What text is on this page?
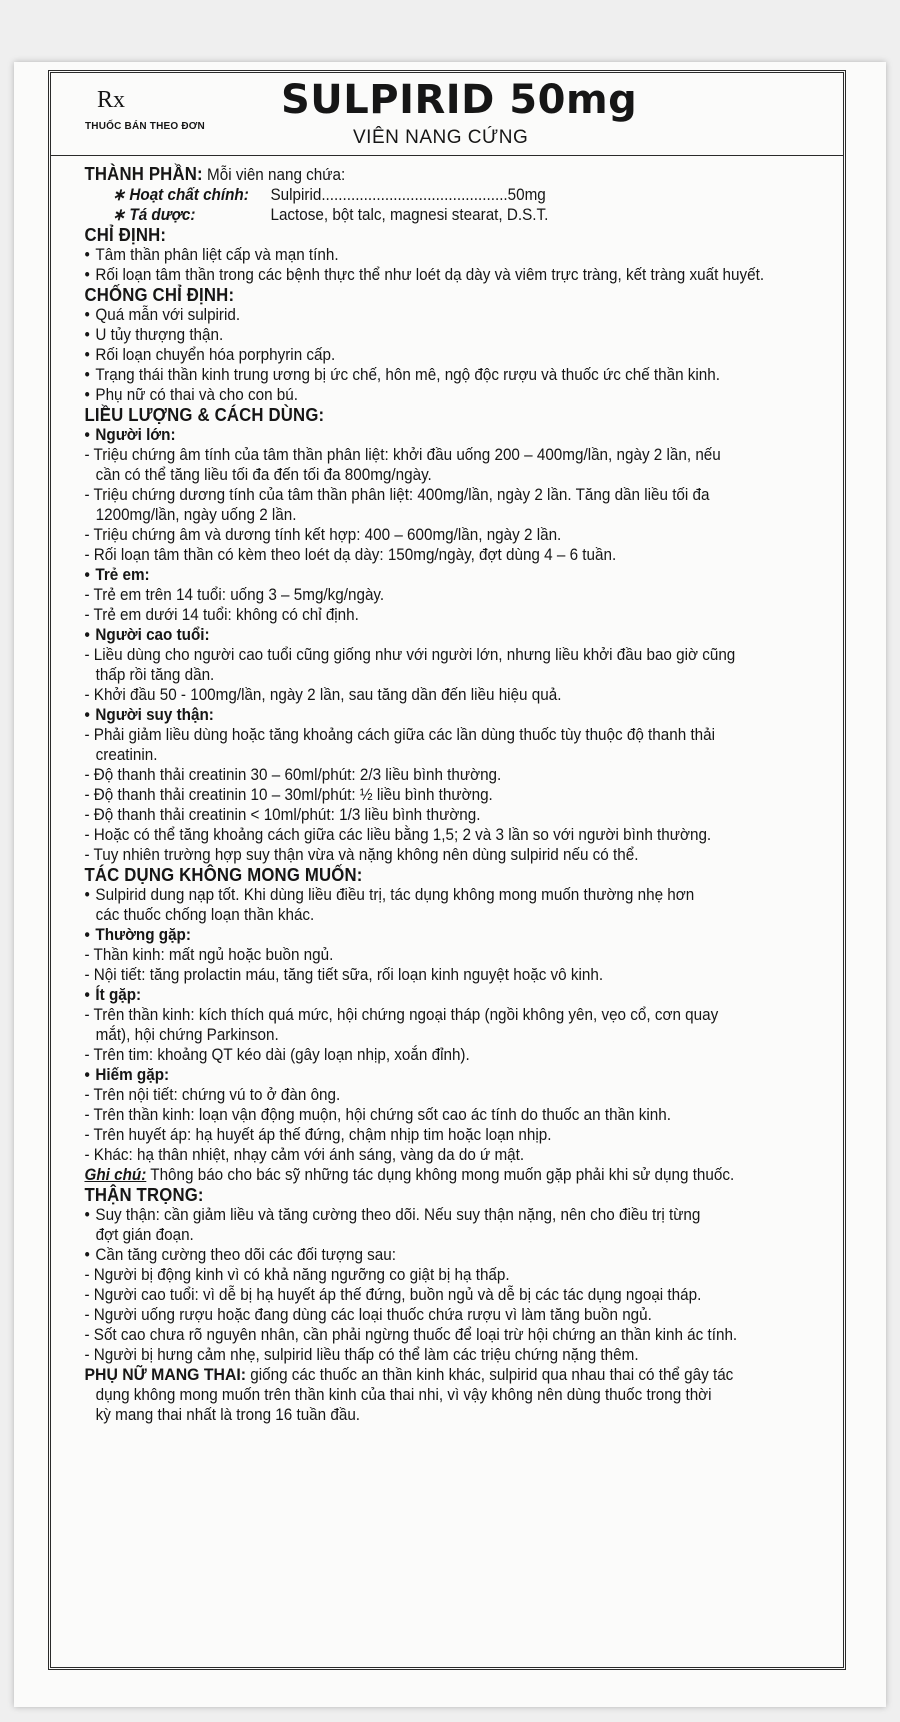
Rx
THUỐC BÁN THEO ĐƠN
SULPIRID 50mg
VIÊN NANG CỨNG
THÀNH PHẦN: Mỗi viên nang chứa:
∗ Hoạt chất chính:	Sulpirid............................................50mg
∗ Tá dược:	Lactose, bột talc, magnesi stearat, D.S.T.
CHỈ ĐỊNH:
• Tâm thần phân liệt cấp và mạn tính.
• Rối loạn tâm thần trong các bệnh thực thể như loét dạ dày và viêm trực tràng, kết tràng xuất huyết.
CHỐNG CHỈ ĐỊNH:
• Quá mẫn với sulpirid.
• U tủy thượng thận.
• Rối loạn chuyển hóa porphyrin cấp.
• Trạng thái thần kinh trung ương bị ức chế, hôn mê, ngộ độc rượu và thuốc ức chế thần kinh.
• Phụ nữ có thai và cho con bú.
LIỀU LƯỢNG & CÁCH DÙNG:
• Người lớn:
- Triệu chứng âm tính của tâm thần phân liệt: khởi đầu uống 200 – 400mg/lần, ngày 2 lần, nếu
cần có thể tăng liều tối đa đến tối đa 800mg/ngày.
- Triệu chứng dương tính của tâm thần phân liệt: 400mg/lần, ngày 2 lần. Tăng dần liều tối đa
1200mg/lần, ngày uống 2 lần.
- Triệu chứng âm và dương tính kết hợp: 400 – 600mg/lần, ngày 2 lần.
- Rối loạn tâm thần có kèm theo loét dạ dày: 150mg/ngày, đợt dùng 4 – 6 tuần.
• Trẻ em:
- Trẻ em trên 14 tuổi: uống 3 – 5mg/kg/ngày.
- Trẻ em dưới 14 tuổi: không có chỉ định.
• Người cao tuổi:
- Liều dùng cho người cao tuổi cũng giống như với người lớn, nhưng liều khởi đầu bao giờ cũng
thấp rồi tăng dần.
- Khởi đầu 50 - 100mg/lần, ngày 2 lần, sau tăng dần đến liều hiệu quả.
• Người suy thận:
- Phải giảm liều dùng hoặc tăng khoảng cách giữa các lần dùng thuốc tùy thuộc độ thanh thải
creatinin.
- Độ thanh thải creatinin 30 – 60ml/phút: 2/3 liều bình thường.
- Độ thanh thải creatinin 10 – 30ml/phút: ½ liều bình thường.
- Độ thanh thải creatinin < 10ml/phút: 1/3 liều bình thường.
- Hoặc có thể tăng khoảng cách giữa các liều bằng 1,5; 2 và 3 lần so với người bình thường.
- Tuy nhiên trường hợp suy thận vừa và nặng không nên dùng sulpirid nếu có thể.
TÁC DỤNG KHÔNG MONG MUỐN:
• Sulpirid dung nạp tốt. Khi dùng liều điều trị, tác dụng không mong muốn thường nhẹ hơn
các thuốc chống loạn thần khác.
• Thường gặp:
- Thần kinh: mất ngủ hoặc buồn ngủ.
- Nội tiết: tăng prolactin máu, tăng tiết sữa, rối loạn kinh nguyệt hoặc vô kinh.
• Ít gặp:
- Trên thần kinh: kích thích quá mức, hội chứng ngoại tháp (ngồi không yên, vẹo cổ, cơn quay
mắt), hội chứng Parkinson.
- Trên tim: khoảng QT kéo dài (gây loạn nhịp, xoắn đỉnh).
• Hiếm gặp:
- Trên nội tiết: chứng vú to ở đàn ông.
- Trên thần kinh: loạn vận động muộn, hội chứng sốt cao ác tính do thuốc an thần kinh.
- Trên huyết áp: hạ huyết áp thế đứng, chậm nhịp tim hoặc loạn nhịp.
- Khác: hạ thân nhiệt, nhạy cảm với ánh sáng, vàng da do ứ mật.
Ghi chú: Thông báo cho bác sỹ những tác dụng không mong muốn gặp phải khi sử dụng thuốc.
THẬN TRỌNG:
• Suy thận: cần giảm liều và tăng cường theo dõi. Nếu suy thận nặng, nên cho điều trị từng
đợt gián đoạn.
• Cần tăng cường theo dõi các đối tượng sau:
- Người bị động kinh vì có khả năng ngưỡng co giật bị hạ thấp.
- Người cao tuổi: vì dễ bị hạ huyết áp thế đứng, buồn ngủ và dễ bị các tác dụng ngoại tháp.
- Người uống rượu hoặc đang dùng các loại thuốc chứa rượu vì làm tăng buồn ngủ.
- Sốt cao chưa rõ nguyên nhân, cần phải ngừng thuốc để loại trừ hội chứng an thần kinh ác tính.
- Người bị hưng cảm nhẹ, sulpirid liều thấp có thể làm các triệu chứng nặng thêm.
PHỤ NỮ MANG THAI: giống các thuốc an thần kinh khác, sulpirid qua nhau thai có thể gây tác
dụng không mong muốn trên thần kinh của thai nhi, vì vậy không nên dùng thuốc trong thời
kỳ mang thai nhất là trong 16 tuần đầu.
